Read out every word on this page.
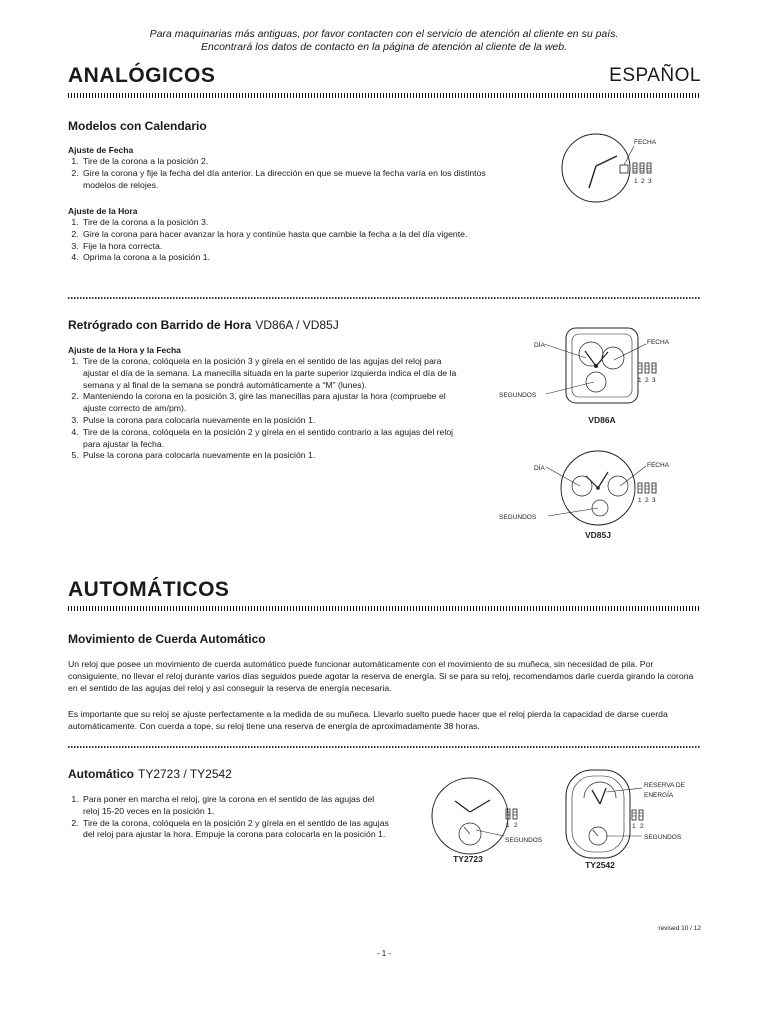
Para maquinarias más antiguas, por favor contacten con el servicio de atención al cliente en su país.
Encontrará los datos de contacto en la página de atención al cliente de la web.
ANALÓGICOS	ESPAÑOL
Modelos con Calendario
Ajuste de Fecha
1. Tire de la corona a la posición 2.
2. Gire la corona y fije la fecha del día anterior. La dirección en que se mueve la fecha varía en los distintos modelos de relojes.
Ajuste de la Hora
1. Tire de la corona a la posición 3.
2. Gire la corona para hacer avanzar la hora y continúe hasta que cambie la fecha a la del día vigente.
3. Fije la hora correcta.
4. Oprima la corona a la posición 1.
FECHA
1 2 3
Retrógrado con Barrido de Hora VD86A / VD85J
Ajuste de la Hora y la Fecha
1. Tire de la corona, colóquela en la posición 3 y gírela en el sentido de las agujas del reloj para ajustar el día de la semana. La manecilla situada en la parte superior izquierda indica el día de la semana y al final de la semana se pondrá automáticamente a “M” (lunes).
2. Manteniendo la corona en la posición 3, gire las manecillas para ajustar la hora (compruebe el ajuste correcto de am/pm).
3. Pulse la corona para colocarla nuevamente en la posición 1.
4. Tire de la corona, colóquela en la posición 2 y gírela en el sentido contrario a las agujas del reloj para ajustar la fecha.
5. Pulse la corona para colocarla nuevamente en la posición 1.
DÍA	FECHA
SEGUNDOS
1 2 3
VD86A
DÍA	FECHA
SEGUNDOS
1 2 3
VD85J
AUTOMÁTICOS
Movimiento de Cuerda Automático
Un reloj que posee un movimiento de cuerda automático puede funcionar automáticamente con el movimiento de su muñeca, sin necesidad de pila. Por consiguiente, no llevar el reloj durante varios días seguidos puede agotar la reserva de energía. Si se para su reloj, recomendamos darle cuerda girando la corona en el sentido de las agujas del reloj y así conseguir la reserva de energía necesaria.
Es importante que su reloj se ajuste perfectamente a la medida de su muñeca. Llevarlo suelto puede hacer que el reloj pierda la capacidad de darse cuerda automáticamente. Con cuerda a tope, su reloj tiene una reserva de energía de aproximadamente 38 horas.
Automático TY2723 / TY2542
1. Para poner en marcha el reloj, gire la corona en el sentido de las agujas del reloj 15-20 veces en la posición 1.
2. Tire de la corona, colóquela en la posición 2 y gírela en el sentido de las agujas del reloj para ajustar la hora. Empuje la corona para colocarla en la posición 1.
SEGUNDOS
1 2
TY2723
RESERVA DE
ENERGÍA
SEGUNDOS
1 2
TY2542
revised 10 / 12
- 1 -
